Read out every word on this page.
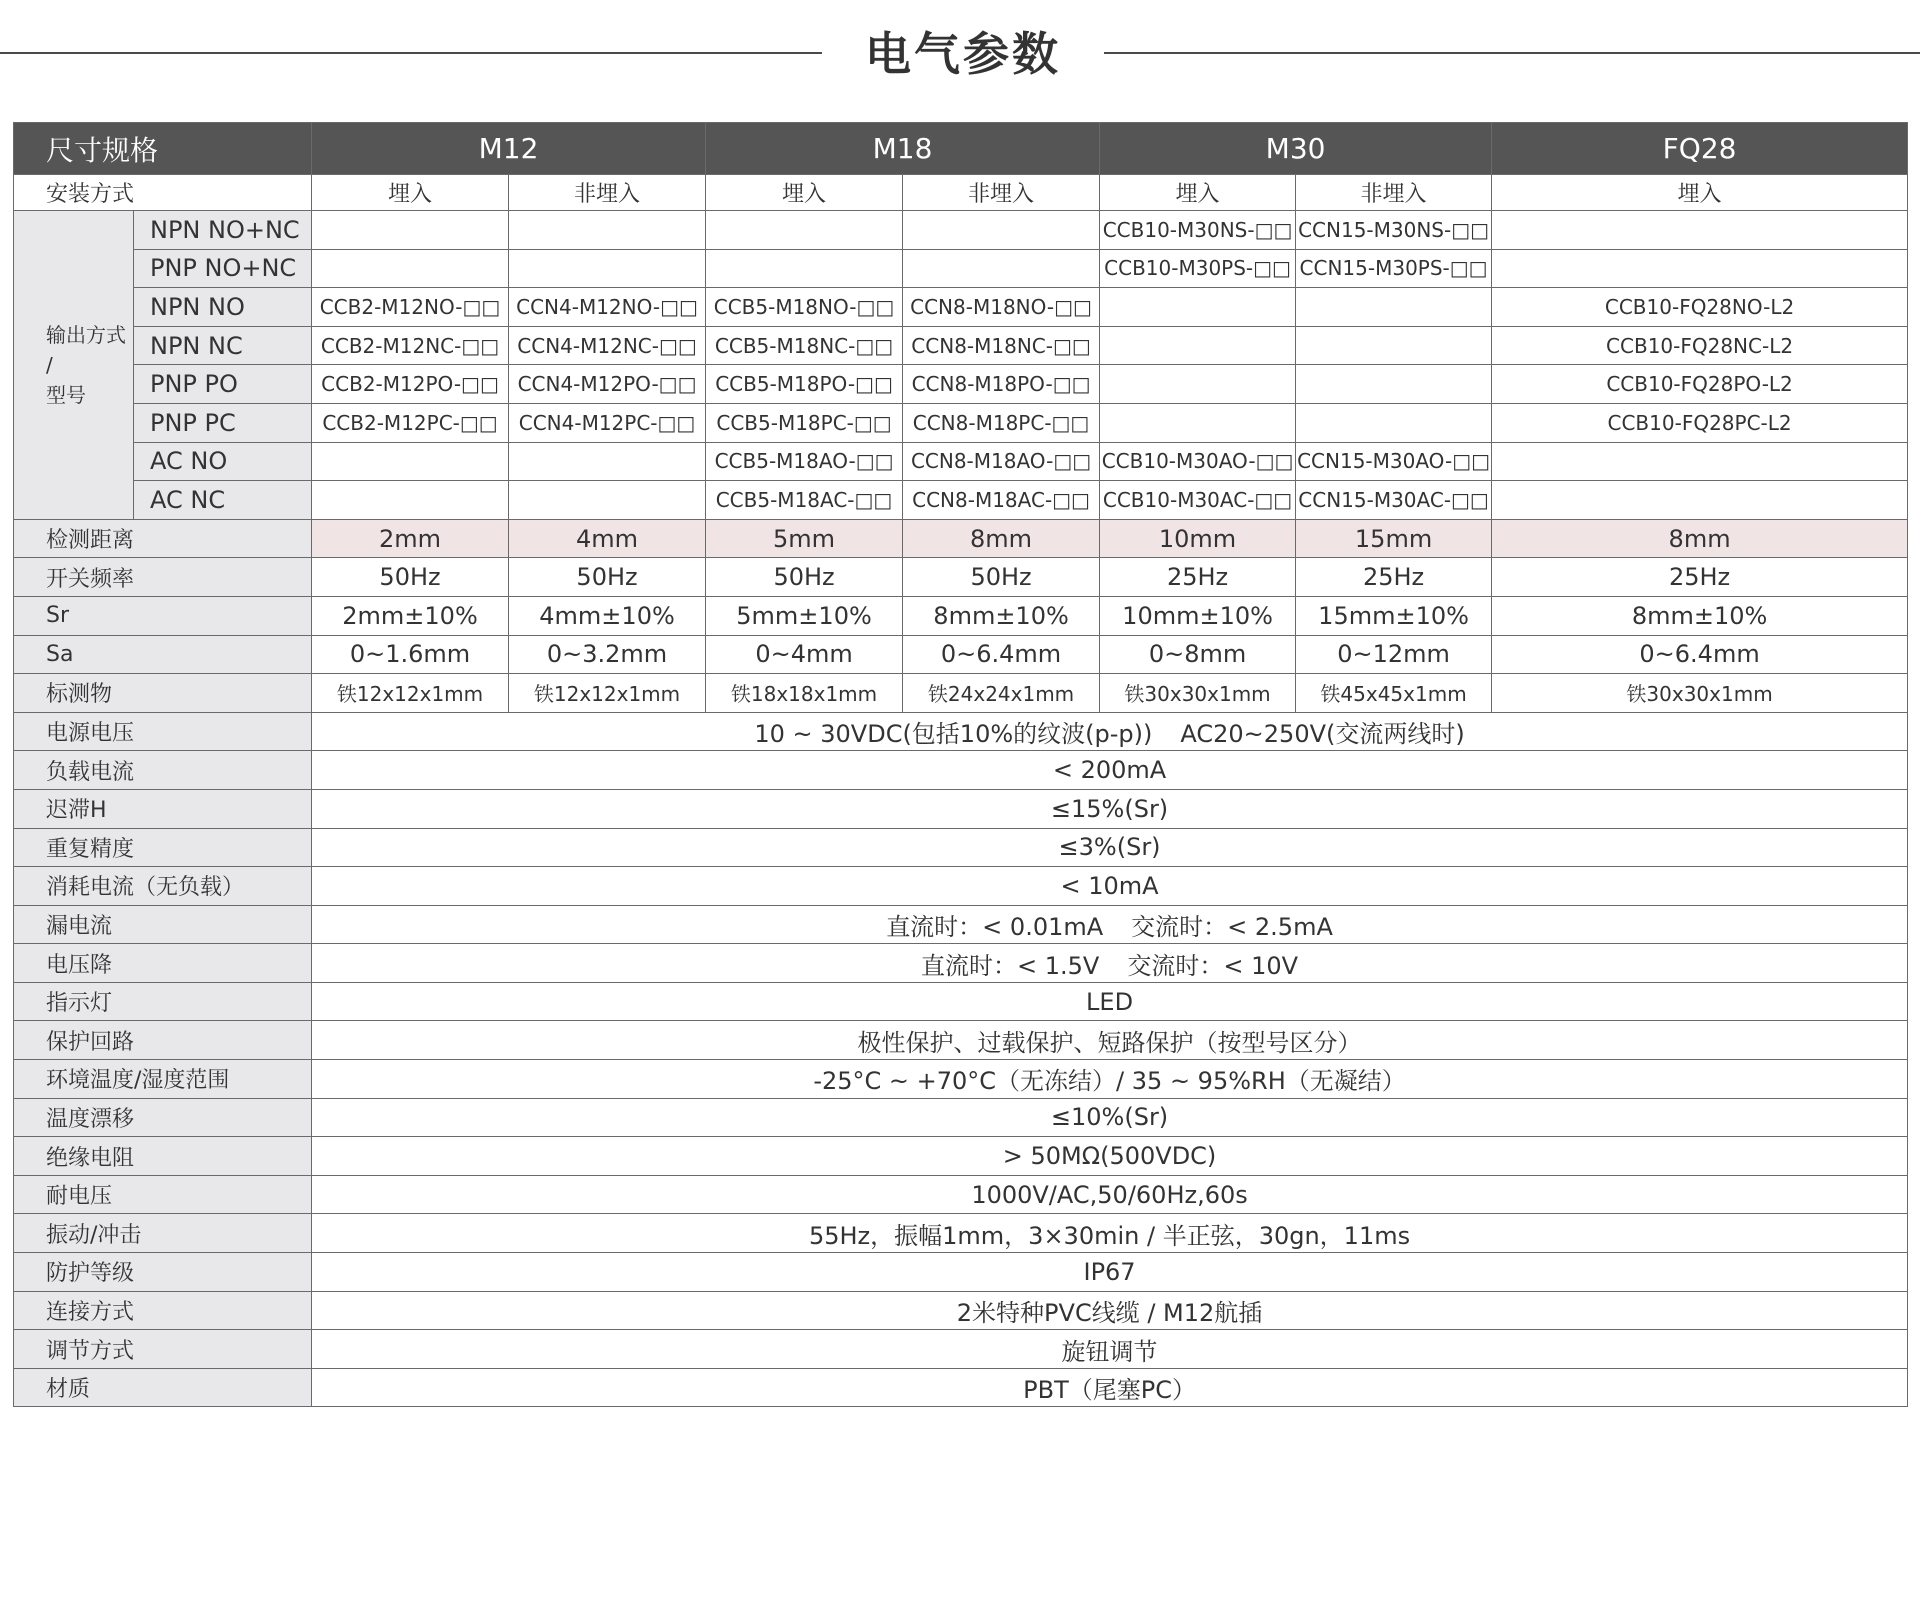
电气参数
尺寸规格		M12		M18		M30		FQ28
安装方式		埋入	非埋入	埋入	非埋入	埋入	非埋入	埋入

输出方式
/
型号	NPN NO+NC					CCB10-M30NS-□□	CCN15-M30NS-□□	
	PNP NO+NC					CCB10-M30PS-□□	CCN15-M30PS-□□	
	NPN NO	CCB2-M12NO-□□	CCN4-M12NO-□□	CCB5-M18NO-□□	CCN8-M18NO-□□			CCB10-FQ28NO-L2
	NPN NC	CCB2-M12NC-□□	CCN4-M12NC-□□	CCB5-M18NC-□□	CCN8-M18NC-□□			CCB10-FQ28NC-L2
	PNP PO	CCB2-M12PO-□□	CCN4-M12PO-□□	CCB5-M18PO-□□	CCN8-M18PO-□□			CCB10-FQ28PO-L2
	PNP PC	CCB2-M12PC-□□	CCN4-M12PC-□□	CCB5-M18PC-□□	CCN8-M18PC-□□			CCB10-FQ28PC-L2
	AC NO			CCB5-M18AO-□□	CCN8-M18AO-□□	CCB10-M30AO-□□	CCN15-M30AO-□□	
	AC NC			CCB5-M18AC-□□	CCN8-M18AC-□□	CCB10-M30AC-□□	CCN15-M30AC-□□	
检测距离		2mm	4mm	5mm	8mm	10mm	15mm	8mm
开关频率		50Hz	50Hz	50Hz	50Hz	25Hz	25Hz	25Hz
Sr		2mm±10%	4mm±10%	5mm±10%	8mm±10%	10mm±10%	15mm±10%	8mm±10%
Sa		0~1.6mm	0~3.2mm	0~4mm	0~6.4mm	0~8mm	0~12mm	0~6.4mm
标测物		铁12x12x1mm	铁12x12x1mm	铁18x18x1mm	铁24x24x1mm	铁30x30x1mm	铁45x45x1mm	铁30x30x1mm
电源电压		10 ~ 30VDC(包括10%的纹波(p-p)) AC20~250V(交流两线时)						
负载电流		< 200mA						
迟滞H		≤15%(Sr)						
重复精度		≤3%(Sr)						
消耗电流（无负载）		< 10mA						
漏电流		直流时：< 0.01mA 交流时：< 2.5mA						
电压降		直流时：< 1.5V 交流时：< 10V						
指示灯		LED						
保护回路		极性保护、过载保护、短路保护（按型号区分）						
环境温度/湿度范围		-25°C ~ +70°C（无冻结）/ 35 ~ 95%RH（无凝结）						
温度漂移		≤10%(Sr)						
绝缘电阻		> 50MΩ(500VDC)						
耐电压		1000V/AC,50/60Hz,60s						
振动/冲击		55Hz，振幅1mm，3×30min / 半正弦，30gn，11ms						
防护等级		IP67						
连接方式		2米特种PVC线缆 / M12航插						
调节方式		旋钮调节						
材质		PBT（尾塞PC）						
